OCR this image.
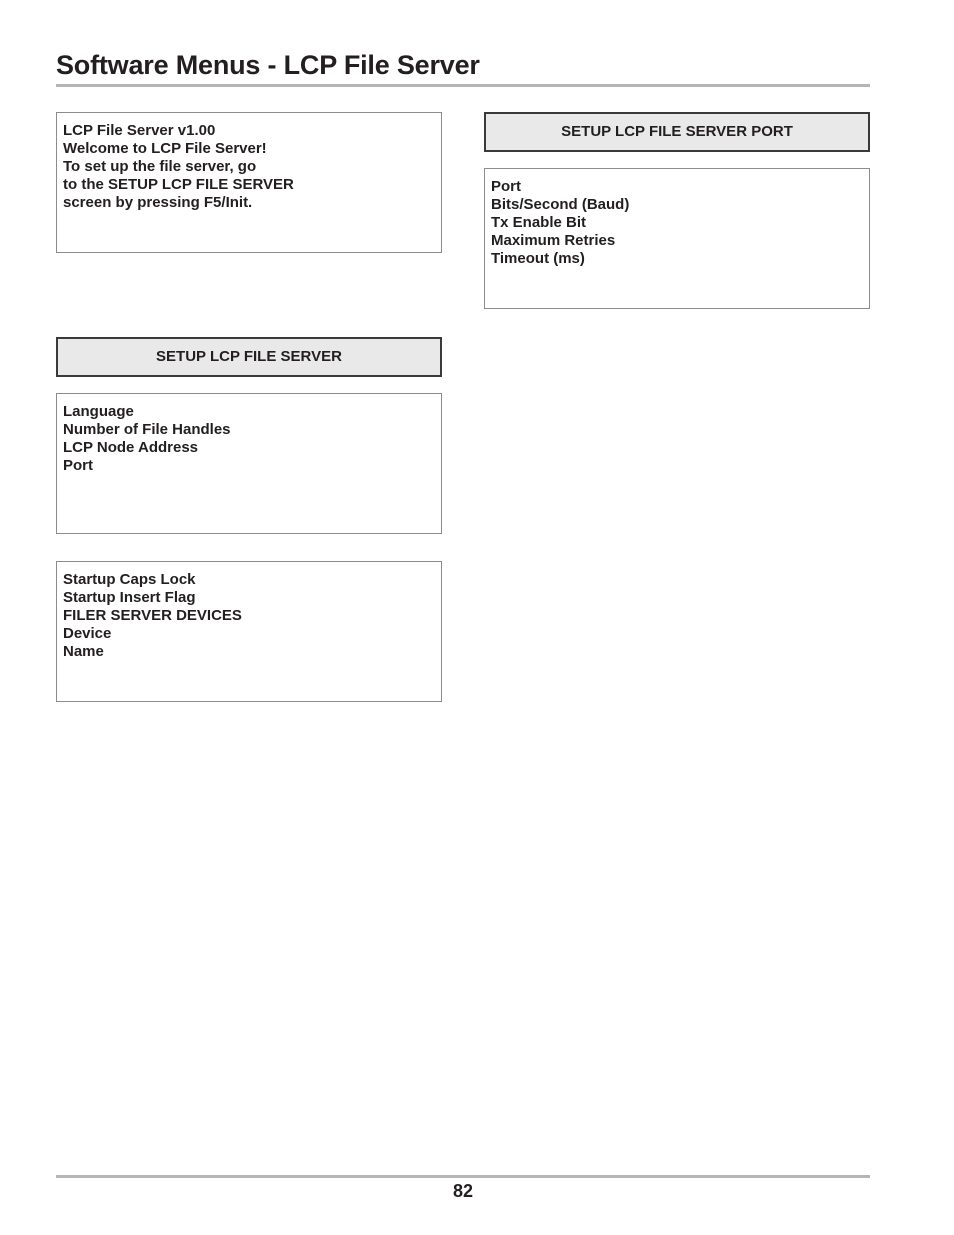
Software Menus - LCP File Server
LCP File Server v1.00
Welcome to LCP File Server!
To set up the file server, go
to the SETUP LCP FILE SERVER
screen by pressing F5/Init.
SETUP LCP FILE SERVER PORT
Port
Bits/Second (Baud)
Tx Enable Bit
Maximum Retries
Timeout (ms)
SETUP LCP FILE SERVER
Language
Number of File Handles
LCP Node Address
Port
Startup Caps Lock
Startup Insert Flag
FILER SERVER DEVICES
Device
Name
82
